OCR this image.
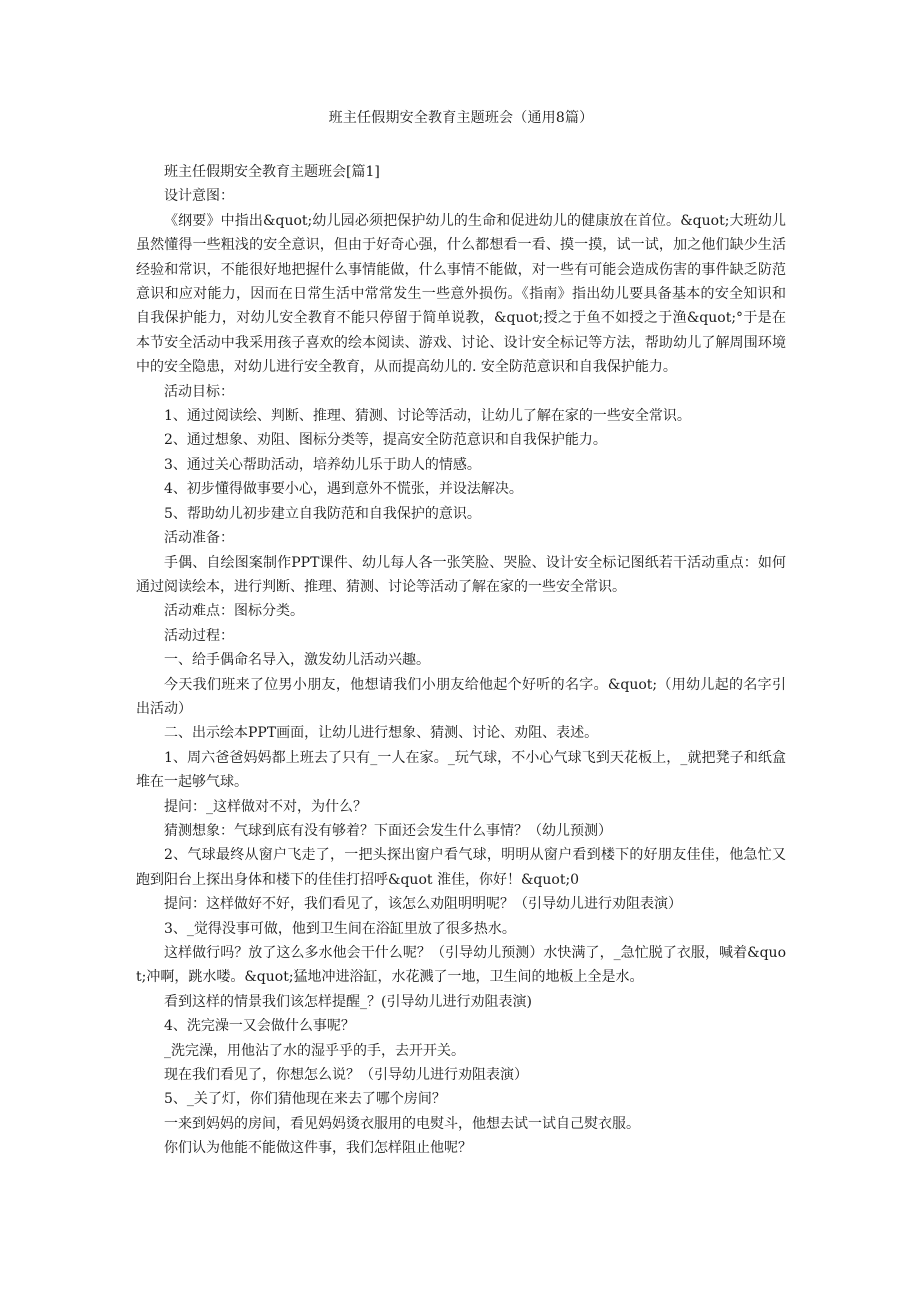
班主任假期安全教育主题班会（通用8篇）

班主任假期安全教育主题班会[篇1]

设计意图：

《纲要》中指出&quot;幼儿园必须把保护幼儿的生命和促进幼儿的健康放在首位。&quot;大班幼儿虽然懂得一些粗浅的安全意识，但由于好奇心强，什么都想看一看、摸一摸，试一试，加之他们缺少生活经验和常识，不能很好地把握什么事情能做，什么事情不能做，对一些有可能会造成伤害的事件缺乏防范意识和应对能力，因而在日常生活中常常发生一些意外损伤。《指南》指出幼儿要具备基本的安全知识和自我保护能力，对幼儿安全教育不能只停留于简单说教，&quot;授之于鱼不如授之于渔&quot;°于是在本节安全活动中我采用孩子喜欢的绘本阅读、游戏、讨论、设计安全标记等方法，帮助幼儿了解周围环境中的安全隐患，对幼儿进行安全教育，从而提高幼儿的. 安全防范意识和自我保护能力。

活动目标：

1、通过阅读绘、判断、推理、猜测、讨论等活动，让幼儿了解在家的一些安全常识。

2、通过想象、劝阻、图标分类等，提高安全防范意识和自我保护能力。

3、通过关心帮助活动，培养幼儿乐于助人的情感。

4、初步懂得做事要小心，遇到意外不慌张，并设法解决。

5、帮助幼儿初步建立自我防范和自我保护的意识。

活动准备：

手偶、自绘图案制作PPT课件、幼儿每人各一张笑脸、哭脸、设计安全标记图纸若干活动重点：如何通过阅读绘本，进行判断、推理、猜测、讨论等活动了解在家的一些安全常识。

活动难点：图标分类。

活动过程：

一、给手偶命名导入，激发幼儿活动兴趣。

今天我们班来了位男小朋友，他想请我们小朋友给他起个好听的名字。&quot;（用幼儿起的名字引出活动）

二、出示绘本PPT画面，让幼儿进行想象、猜测、讨论、劝阻、表述。

1、周六爸爸妈妈都上班去了只有_一人在家。_玩气球，不小心气球飞到天花板上，_就把凳子和纸盒堆在一起够气球。

提问：_这样做对不对，为什么？

猜测想象：气球到底有没有够着？下面还会发生什么事情？（幼儿预测）

2、气球最终从窗户飞走了，一把头探出窗户看气球，明明从窗户看到楼下的好朋友佳佳，他急忙又跑到阳台上探出身体和楼下的佳佳打招呼&quot 淮佳，你好！&quot;0

提问：这样做好不好，我们看见了，该怎么劝阻明明呢？（引导幼儿进行劝阻表演）

3、_觉得没事可做，他到卫生间在浴缸里放了很多热水。

这样做行吗？放了这么多水他会干什么呢？（引导幼儿预测）水快满了，_急忙脱了衣服，喊着&quot;冲啊，跳水喽。&quot;猛地冲进浴缸，水花溅了一地，卫生间的地板上全是水。

看到这样的情景我们该怎样提醒_？(引导幼儿进行劝阻表演)

4、洗完澡一又会做什么事呢？

_洗完澡，用他沾了水的湿乎乎的手，去开开关。

现在我们看见了，你想怎么说？（引导幼儿进行劝阻表演）

5、_关了灯，你们猜他现在来去了哪个房间？

一来到妈妈的房间，看见妈妈烫衣服用的电熨斗，他想去试一试自己熨衣服。

你们认为他能不能做这件事，我们怎样阻止他呢？
